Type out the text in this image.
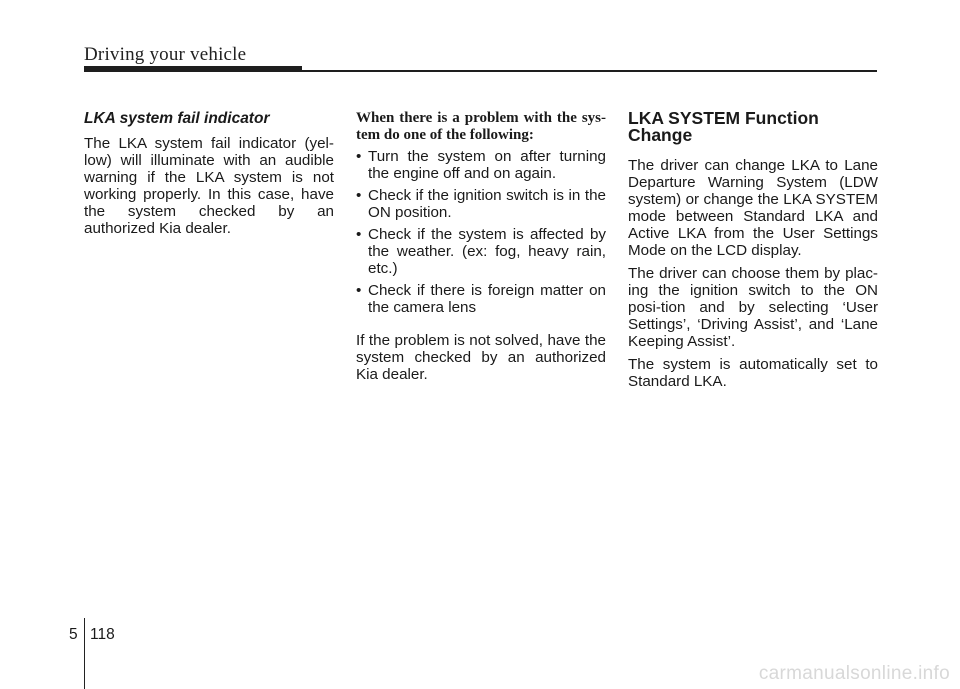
Driving your vehicle
LKA system fail indicator

The LKA system fail indicator (yel-low) will illuminate with an audible warning if the LKA system is not working properly. In this case, have the system checked by an authorized Kia dealer.

When there is a problem with the sys-tem do one of the following:
• Turn the system on after turning the engine off and on again.
• Check if the ignition switch is in the ON position.
• Check if the system is affected by the weather. (ex: fog, heavy rain, etc.)
• Check if there is foreign matter on the camera lens

If the problem is not solved, have the system checked by an authorized Kia dealer.

LKA SYSTEM Function Change

The driver can change LKA to Lane Departure Warning System (LDW system) or change the LKA SYSTEM mode between Standard LKA and Active LKA from the User Settings Mode on the LCD display.

The driver can choose them by plac-ing the ignition switch to the ON posi-tion and by selecting ‘User Settings’, ‘Driving Assist’, and ‘Lane Keeping Assist’.

The system is automatically set to Standard LKA.

5 118
carmanualsonline.info
